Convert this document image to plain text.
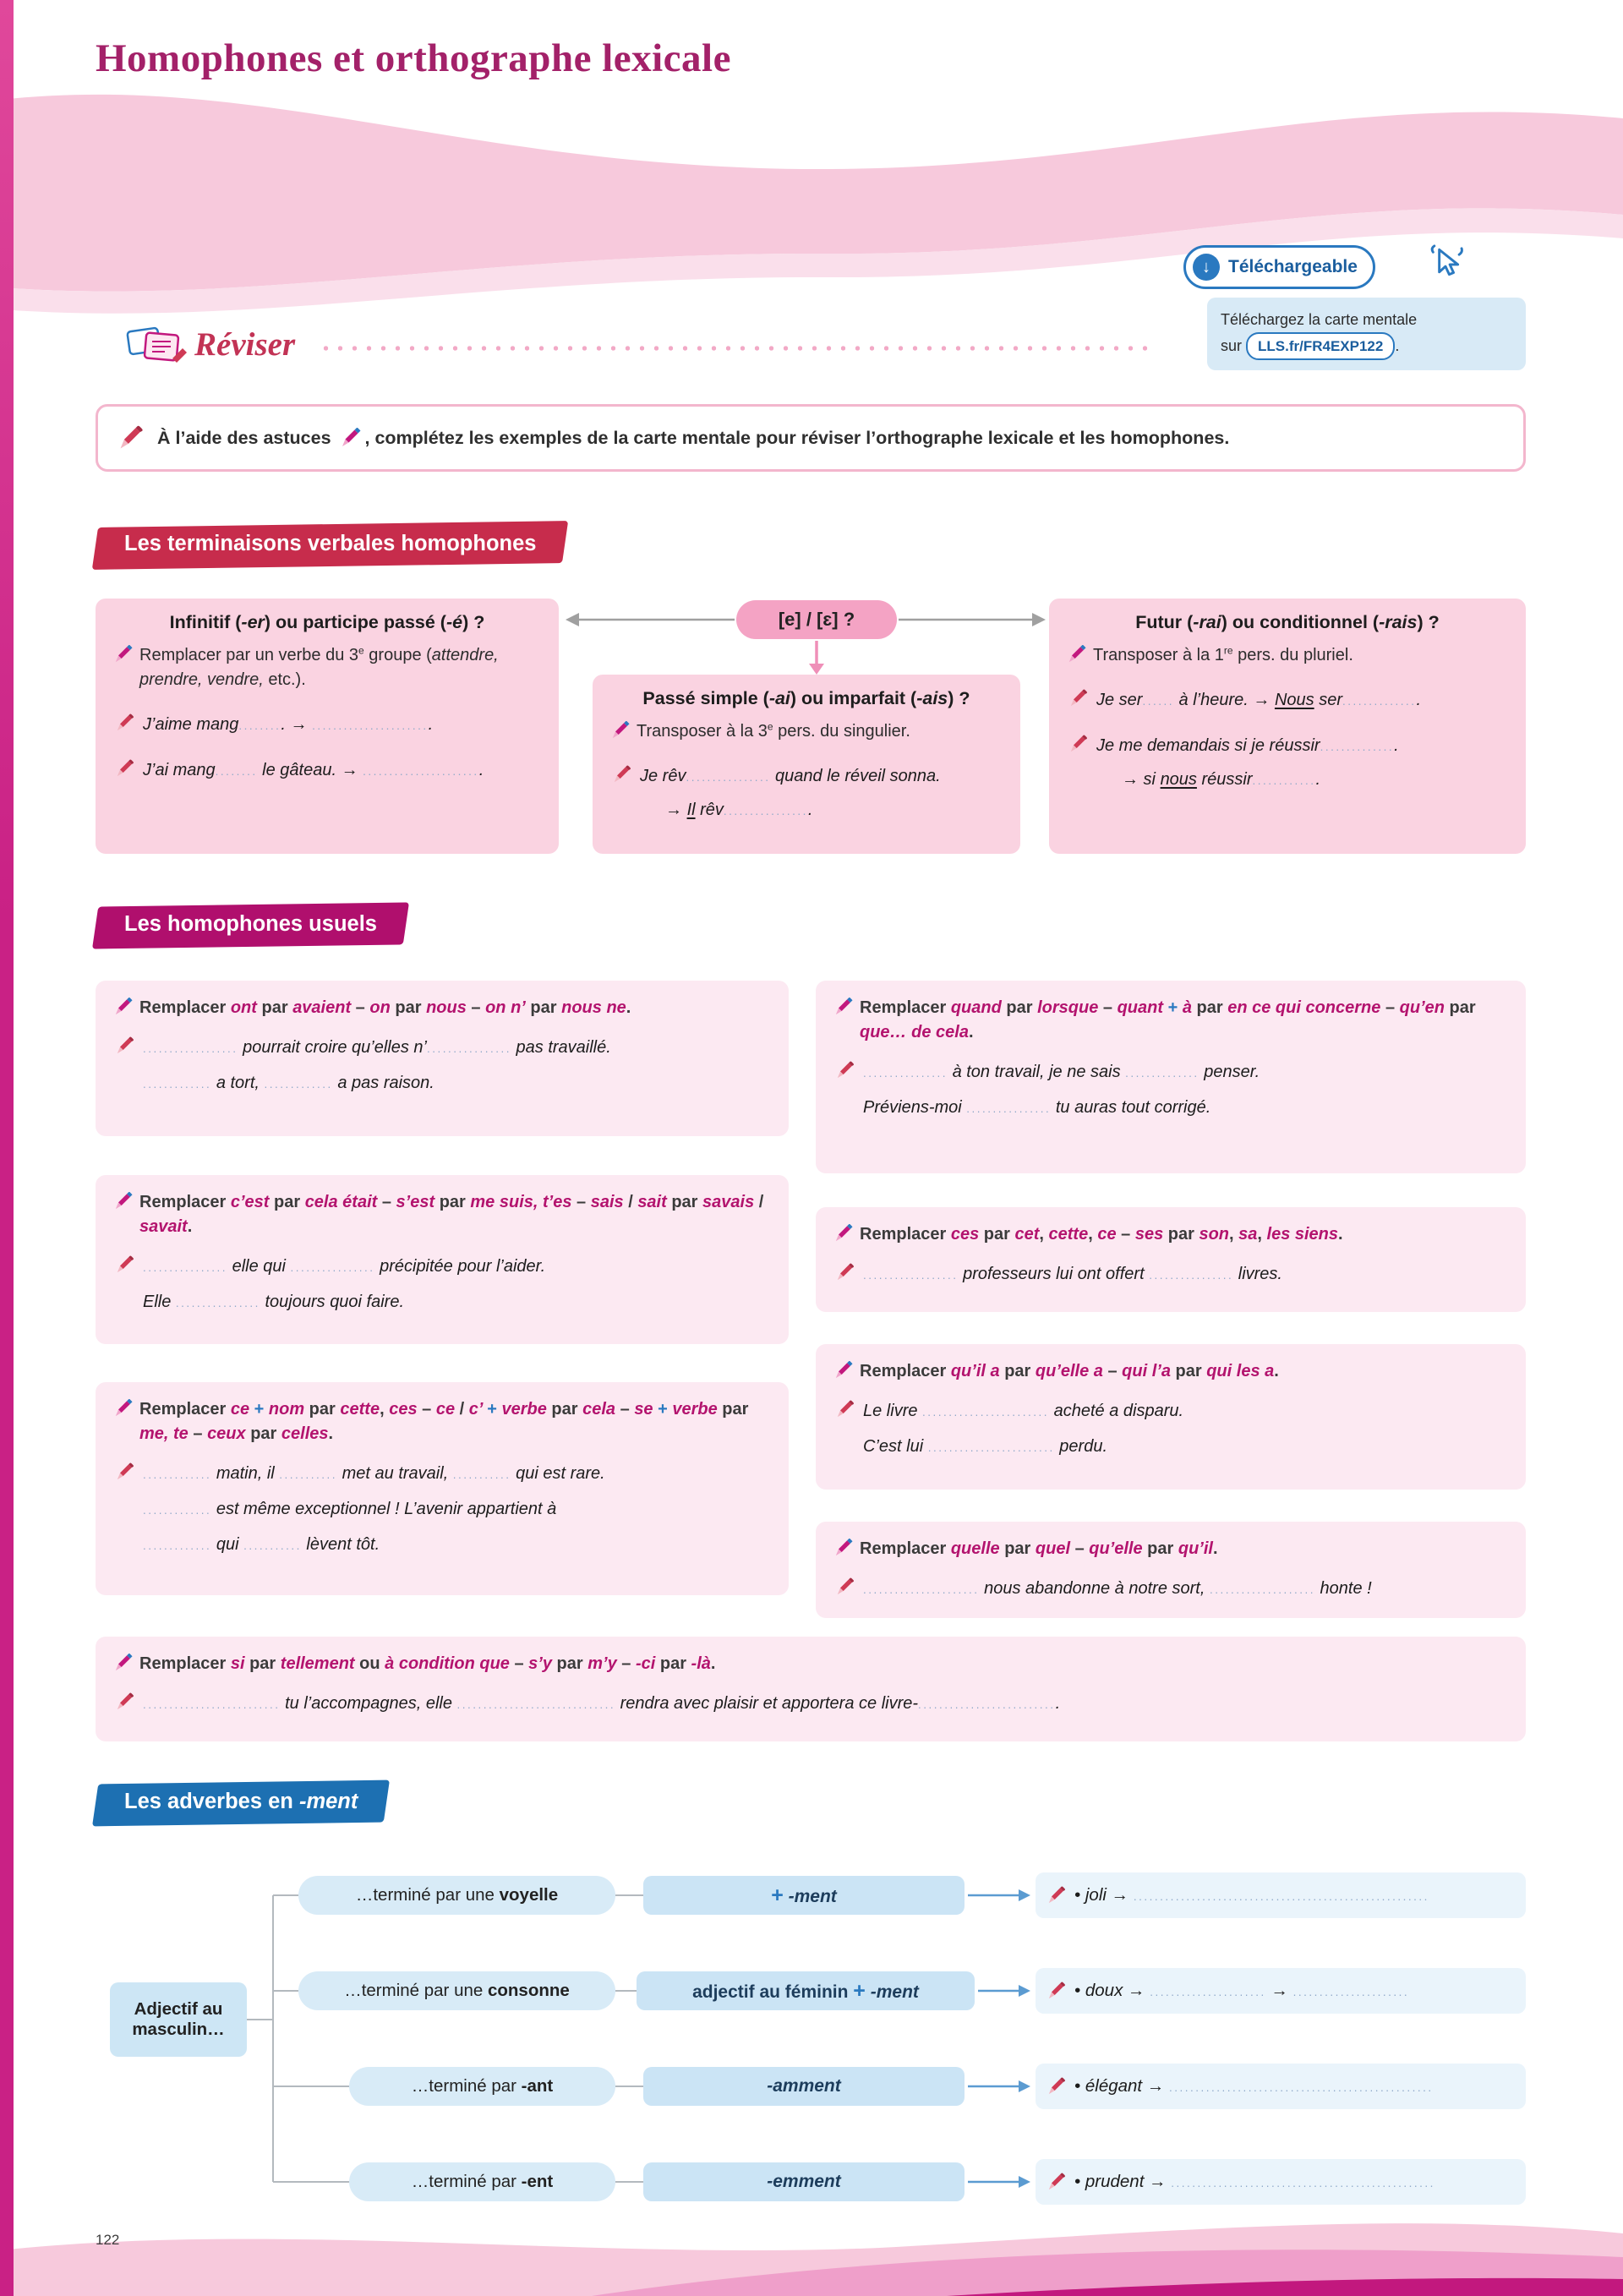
Homophones et orthographe lexicale
↓ Téléchargeable
Téléchargez la carte mentale
sur LLS.fr/FR4EXP122 .
Réviser

À l’aide des astuces , complétez les exemples de la carte mentale pour réviser l’orthographe lexicale et les homophones.

Les terminaisons verbales homophones
Infinitif (-er) ou participe passé (-é) ?
Remplacer par un verbe du 3e groupe (attendre, prendre, vendre, etc.).
J’aime mang......... → .......................
J’ai mang........ le gâteau. → .......................
[e] / [ɛ] ?
Passé simple (-ai) ou imparfait (-ais) ?
Transposer à la 3e pers. du singulier.
Je rêv................ quand le réveil sonna.
→ Il rêv.................
Futur (-rai) ou conditionnel (-rais) ?
Transposer à la 1re pers. du pluriel.
Je ser...... à l’heure. → Nous ser...............
Je me demandais si je réussir...............
→ si nous réussir.............
Les homophones usuels
Remplacer ont par avaient – on par nous – on n’ par nous ne.
.................. pourrait croire qu’elles n’................ pas travaillé.
............. a tort, ............. a pas raison.
Remplacer c’est par cela était – s’est par me suis, t’es – sais / sait par savais / savait.
................ elle qui ................ précipitée pour l’aider.
Elle ................ toujours quoi faire.
Remplacer ce + nom par cette, ces – ce / c’ + verbe par cela – se + verbe par me, te – ceux par celles.
............. matin, il ........... met au travail, ........... qui est rare.
............. est même exceptionnel ! L’avenir appartient à
............. qui ........... lèvent tôt.
Remplacer quand par lorsque – quant + à par en ce qui concerne – qu’en par que… de cela.
................ à ton travail, je ne sais .............. penser.
Préviens-moi ................ tu auras tout corrigé.
Remplacer ces par cet, cette, ce – ses par son, sa, les siens.
.................. professeurs lui ont offert ................ livres.
Remplacer qu’il a par qu’elle a – qui l’a par qui les a.
Le livre ........................ acheté a disparu.
C’est lui ........................ perdu.
Remplacer quelle par quel – qu’elle par qu’il.
...................... nous abandonne à notre sort, .................... honte !
Remplacer si par tellement ou à condition que – s’y par m’y – -ci par -là.
.......................... tu l’accompagnes, elle .............................. rendra avec plaisir et apportera ce livre-...........................
Les adverbes en -ment
Adjectif au masculin…
…terminé par une voyelle	+ -ment	• joli → ........................................................
…terminé par une consonne	adjectif au féminin + -ment	• doux → ...................... → ......................
…terminé par -ant	-amment	• élégant → ..................................................
…terminé par -ent	-emment	• prudent → ..................................................
122
